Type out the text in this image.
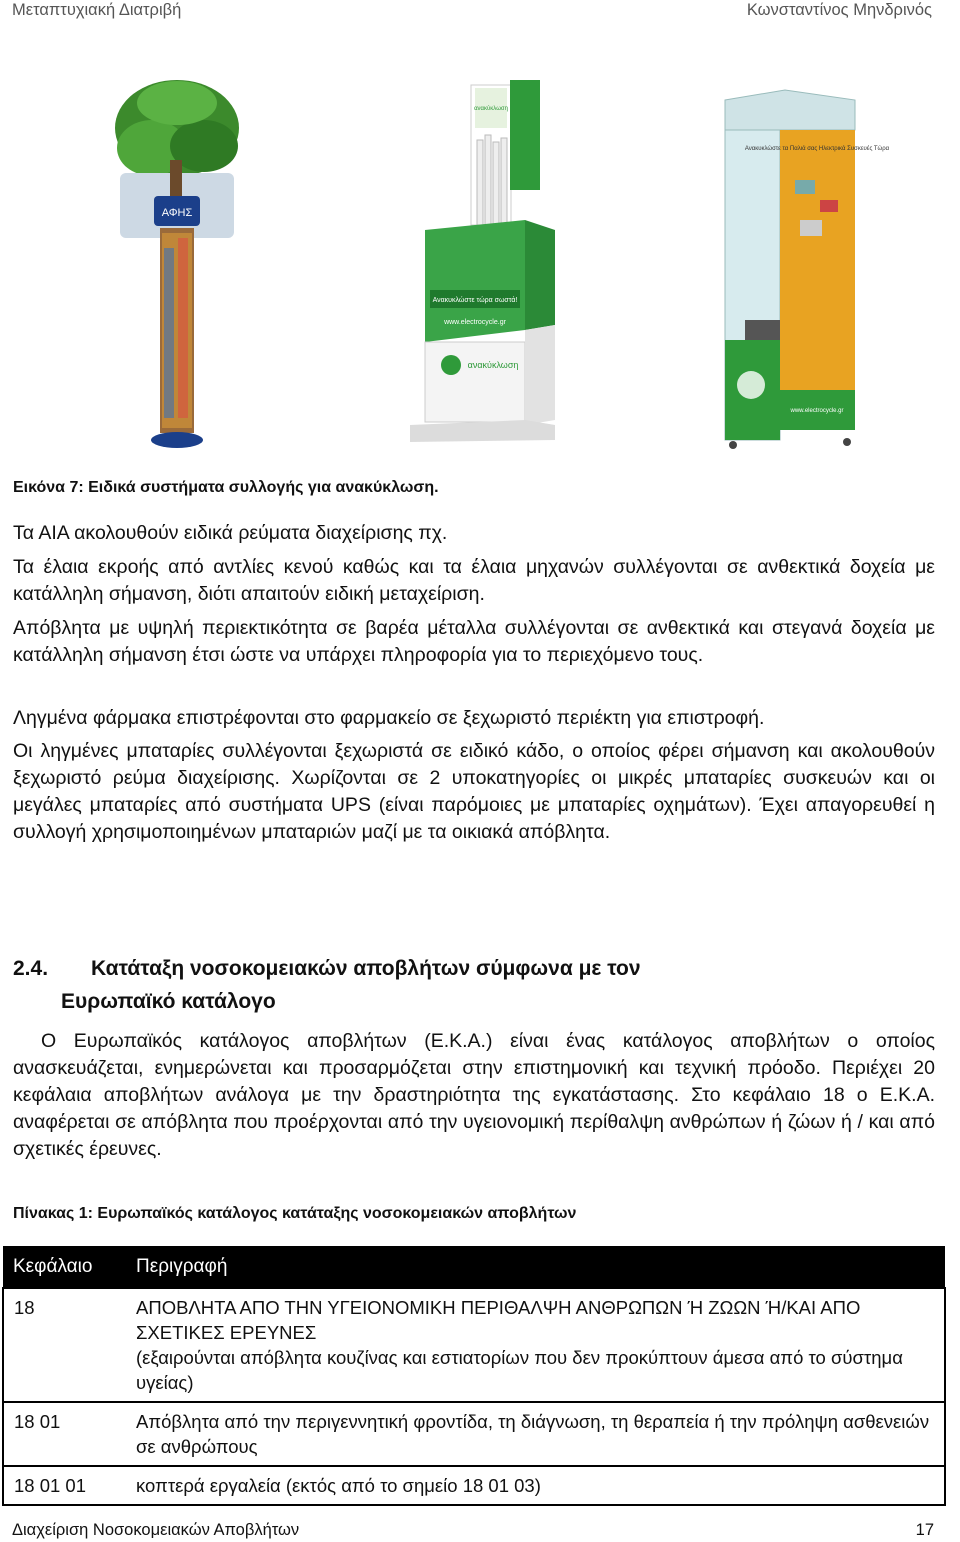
Μεταπτυχιακή Διατριβή	Κωνσταντίνος Μηνδρινός
ΑΦΗΣ
ανακύκλωση
Ανακυκλώστε τώρα σωστά!
www.electrocycle.gr
ανακύκλωση
Ανακυκλώστε τα Παλιά σας Ηλεκτρικά Συσκευές Τώρα
www.electrocycle.gr
Εικόνα 7: Ειδικά συστήματα συλλογής για ανακύκλωση.
Τα ΑΙΑ ακολουθούν ειδικά ρεύματα διαχείρισης πχ.
Τα έλαια εκροής από αντλίες κενού καθώς και τα έλαια μηχανών συλλέγονται σε ανθεκτικά δοχεία με κατάλληλη σήμανση, διότι απαιτούν ειδική μεταχείριση.
Απόβλητα με υψηλή περιεκτικότητα σε βαρέα μέταλλα συλλέγονται σε ανθεκτικά και στεγανά δοχεία με κατάλληλη σήμανση έτσι ώστε να υπάρχει πληροφορία για το περιεχόμενο τους.
Ληγμένα φάρμακα επιστρέφονται στο φαρμακείο σε ξεχωριστό περιέκτη για επιστροφή.
Οι ληγμένες μπαταρίες συλλέγονται ξεχωριστά σε ειδικό κάδο, ο οποίος φέρει σήμανση και ακολουθούν ξεχωριστό ρεύμα διαχείρισης. Χωρίζονται σε 2 υποκατηγορίες οι μικρές μπαταρίες συσκευών και οι μεγάλες μπαταρίες από συστήματα UPS (είναι παρόμοιες με μπαταρίες οχημάτων). Έχει απαγορευθεί η συλλογή χρησιμοποιημένων μπαταριών μαζί με τα οικιακά απόβλητα.
2.4. Κατάταξη νοσοκομειακών αποβλήτων σύμφωνα με τον
Ευρωπαϊκό κατάλογο
Ο Ευρωπαϊκός κατάλογος αποβλήτων (Ε.Κ.Α.) είναι ένας κατάλογος αποβλήτων ο οποίος ανασκευάζεται, ενημερώνεται και προσαρμόζεται στην επιστημονική και τεχνική πρόοδο. Περιέχει 20 κεφάλαια αποβλήτων ανάλογα με την δραστηριότητα της εγκατάστασης. Στο κεφάλαιο 18 ο Ε.Κ.Α. αναφέρεται σε απόβλητα που προέρχονται από την υγειονομική περίθαλψη ανθρώπων ή ζώων ή / και από σχετικές έρευνες.
Πίνακας 1: Ευρωπαϊκός κατάλογος κατάταξης νοσοκομειακών αποβλήτων
Κεφάλαιο	Περιγραφή
18	ΑΠΟΒΛΗΤΑ ΑΠΟ ΤΗΝ ΥΓΕΙΟΝΟΜΙΚΗ ΠΕΡΙΘΑΛΨΗ ΑΝΘΡΩΠΩΝ Ή ΖΩΩΝ Ή/ΚΑΙ ΑΠΟ ΣΧΕΤΙΚΕΣ ΕΡΕΥΝΕΣ
(εξαιρούνται απόβλητα κουζίνας και εστιατορίων που δεν προκύπτουν άμεσα από το σύστημα υγείας)

18 01	Απόβλητα από την περιγεννητική φροντίδα, τη διάγνωση, τη θεραπεία ή την πρόληψη ασθενειών σε ανθρώπους

18 01 01	κοπτερά εργαλεία (εκτός από το σημείο 18 01 03)
Διαχείριση Νοσοκομειακών Αποβλήτων	17
